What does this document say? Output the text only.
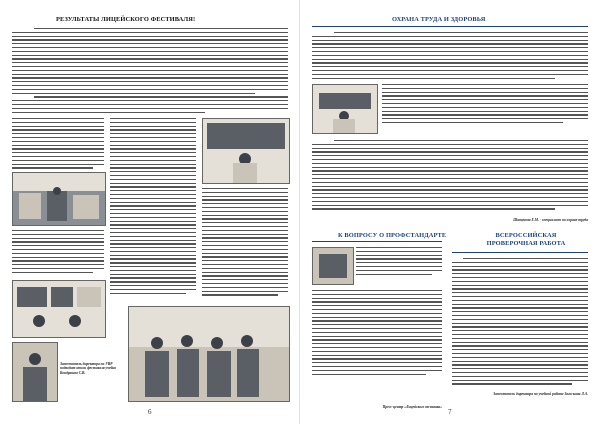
РЕЗУЛЬТАТЫ ЛИЦЕЙСКОГО ФЕСТИВАЛЯ!
Заместитель директора по УВР подводит итоги фестиваля учебно Кондрашов С.В.
6
ОХРАНА ТРУДА И ЗДОРОВЬЯ
Шатунова Е.М. - специалист по охране труда
К ВОПРОСУ О ПРОФСТАНДАРТЕ
Пресс-центр «Лицейского вестника»
ВСЕРОССИЙСКАЯ ПРОВЕРОЧНАЯ РАБОТА
Заместитель директора по учебной работе Загоскина Л.А.
7
